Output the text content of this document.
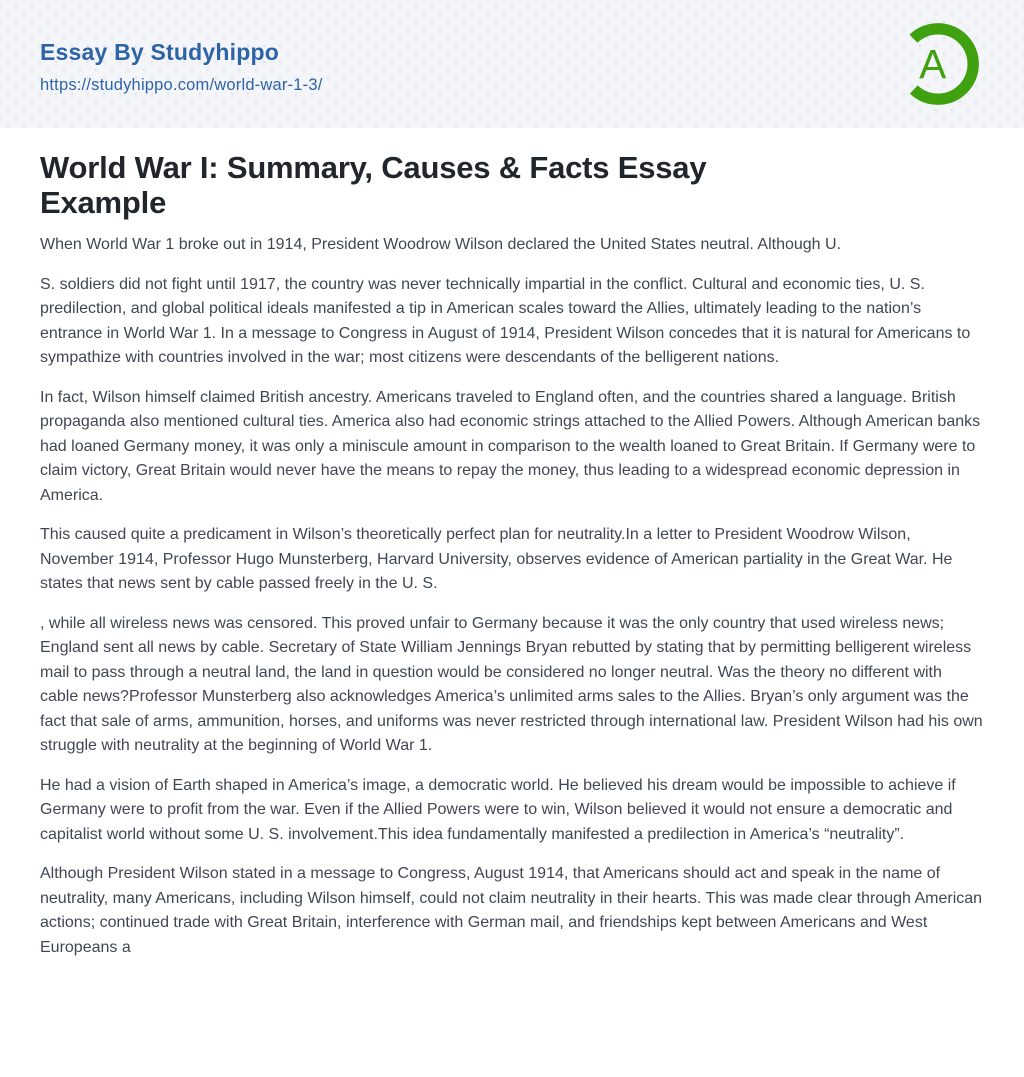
Essay By Studyhippo
https://studyhippo.com/world-war-1-3/	A
World War I: Summary, Causes & Facts Essay Example

When World War 1 broke out in 1914, President Woodrow Wilson declared the United States neutral. Although U.

S. soldiers did not fight until 1917, the country was never technically impartial in the conflict. Cultural and economic ties, U. S. predilection, and global political ideals manifested a tip in American scales toward the Allies, ultimately leading to the nation’s entrance in World War 1. In a message to Congress in August of 1914, President Wilson concedes that it is natural for Americans to sympathize with countries involved in the war; most citizens were descendants of the belligerent nations.

In fact, Wilson himself claimed British ancestry. Americans traveled to England often, and the countries shared a language. British propaganda also mentioned cultural ties. America also had economic strings attached to the Allied Powers. Although American banks had loaned Germany money, it was only a miniscule amount in comparison to the wealth loaned to Great Britain. If Germany were to claim victory, Great Britain would never have the means to repay the money, thus leading to a widespread economic depression in America.

This caused quite a predicament in Wilson’s theoretically perfect plan for neutrality.In a letter to President Woodrow Wilson, November 1914, Professor Hugo Munsterberg, Harvard University, observes evidence of American partiality in the Great War. He states that news sent by cable passed freely in the U. S.

, while all wireless news was censored. This proved unfair to Germany because it was the only country that used wireless news; England sent all news by cable. Secretary of State William Jennings Bryan rebutted by stating that by permitting belligerent wireless mail to pass through a neutral land, the land in question would be considered no longer neutral. Was the theory no different with cable news?Professor Munsterberg also acknowledges America’s unlimited arms sales to the Allies. Bryan’s only argument was the fact that sale of arms, ammunition, horses, and uniforms was never restricted through international law. President Wilson had his own struggle with neutrality at the beginning of World War 1.

He had a vision of Earth shaped in America’s image, a democratic world. He believed his dream would be impossible to achieve if Germany were to profit from the war. Even if the Allied Powers were to win, Wilson believed it would not ensure a democratic and capitalist world without some U. S. involvement.This idea fundamentally manifested a predilection in America’s “neutrality”.

Although President Wilson stated in a message to Congress, August 1914, that Americans should act and speak in the name of neutrality, many Americans, including Wilson himself, could not claim neutrality in their hearts. This was made clear through American actions; continued trade with Great Britain, interference with German mail, and friendships kept between Americans and West Europeans a
